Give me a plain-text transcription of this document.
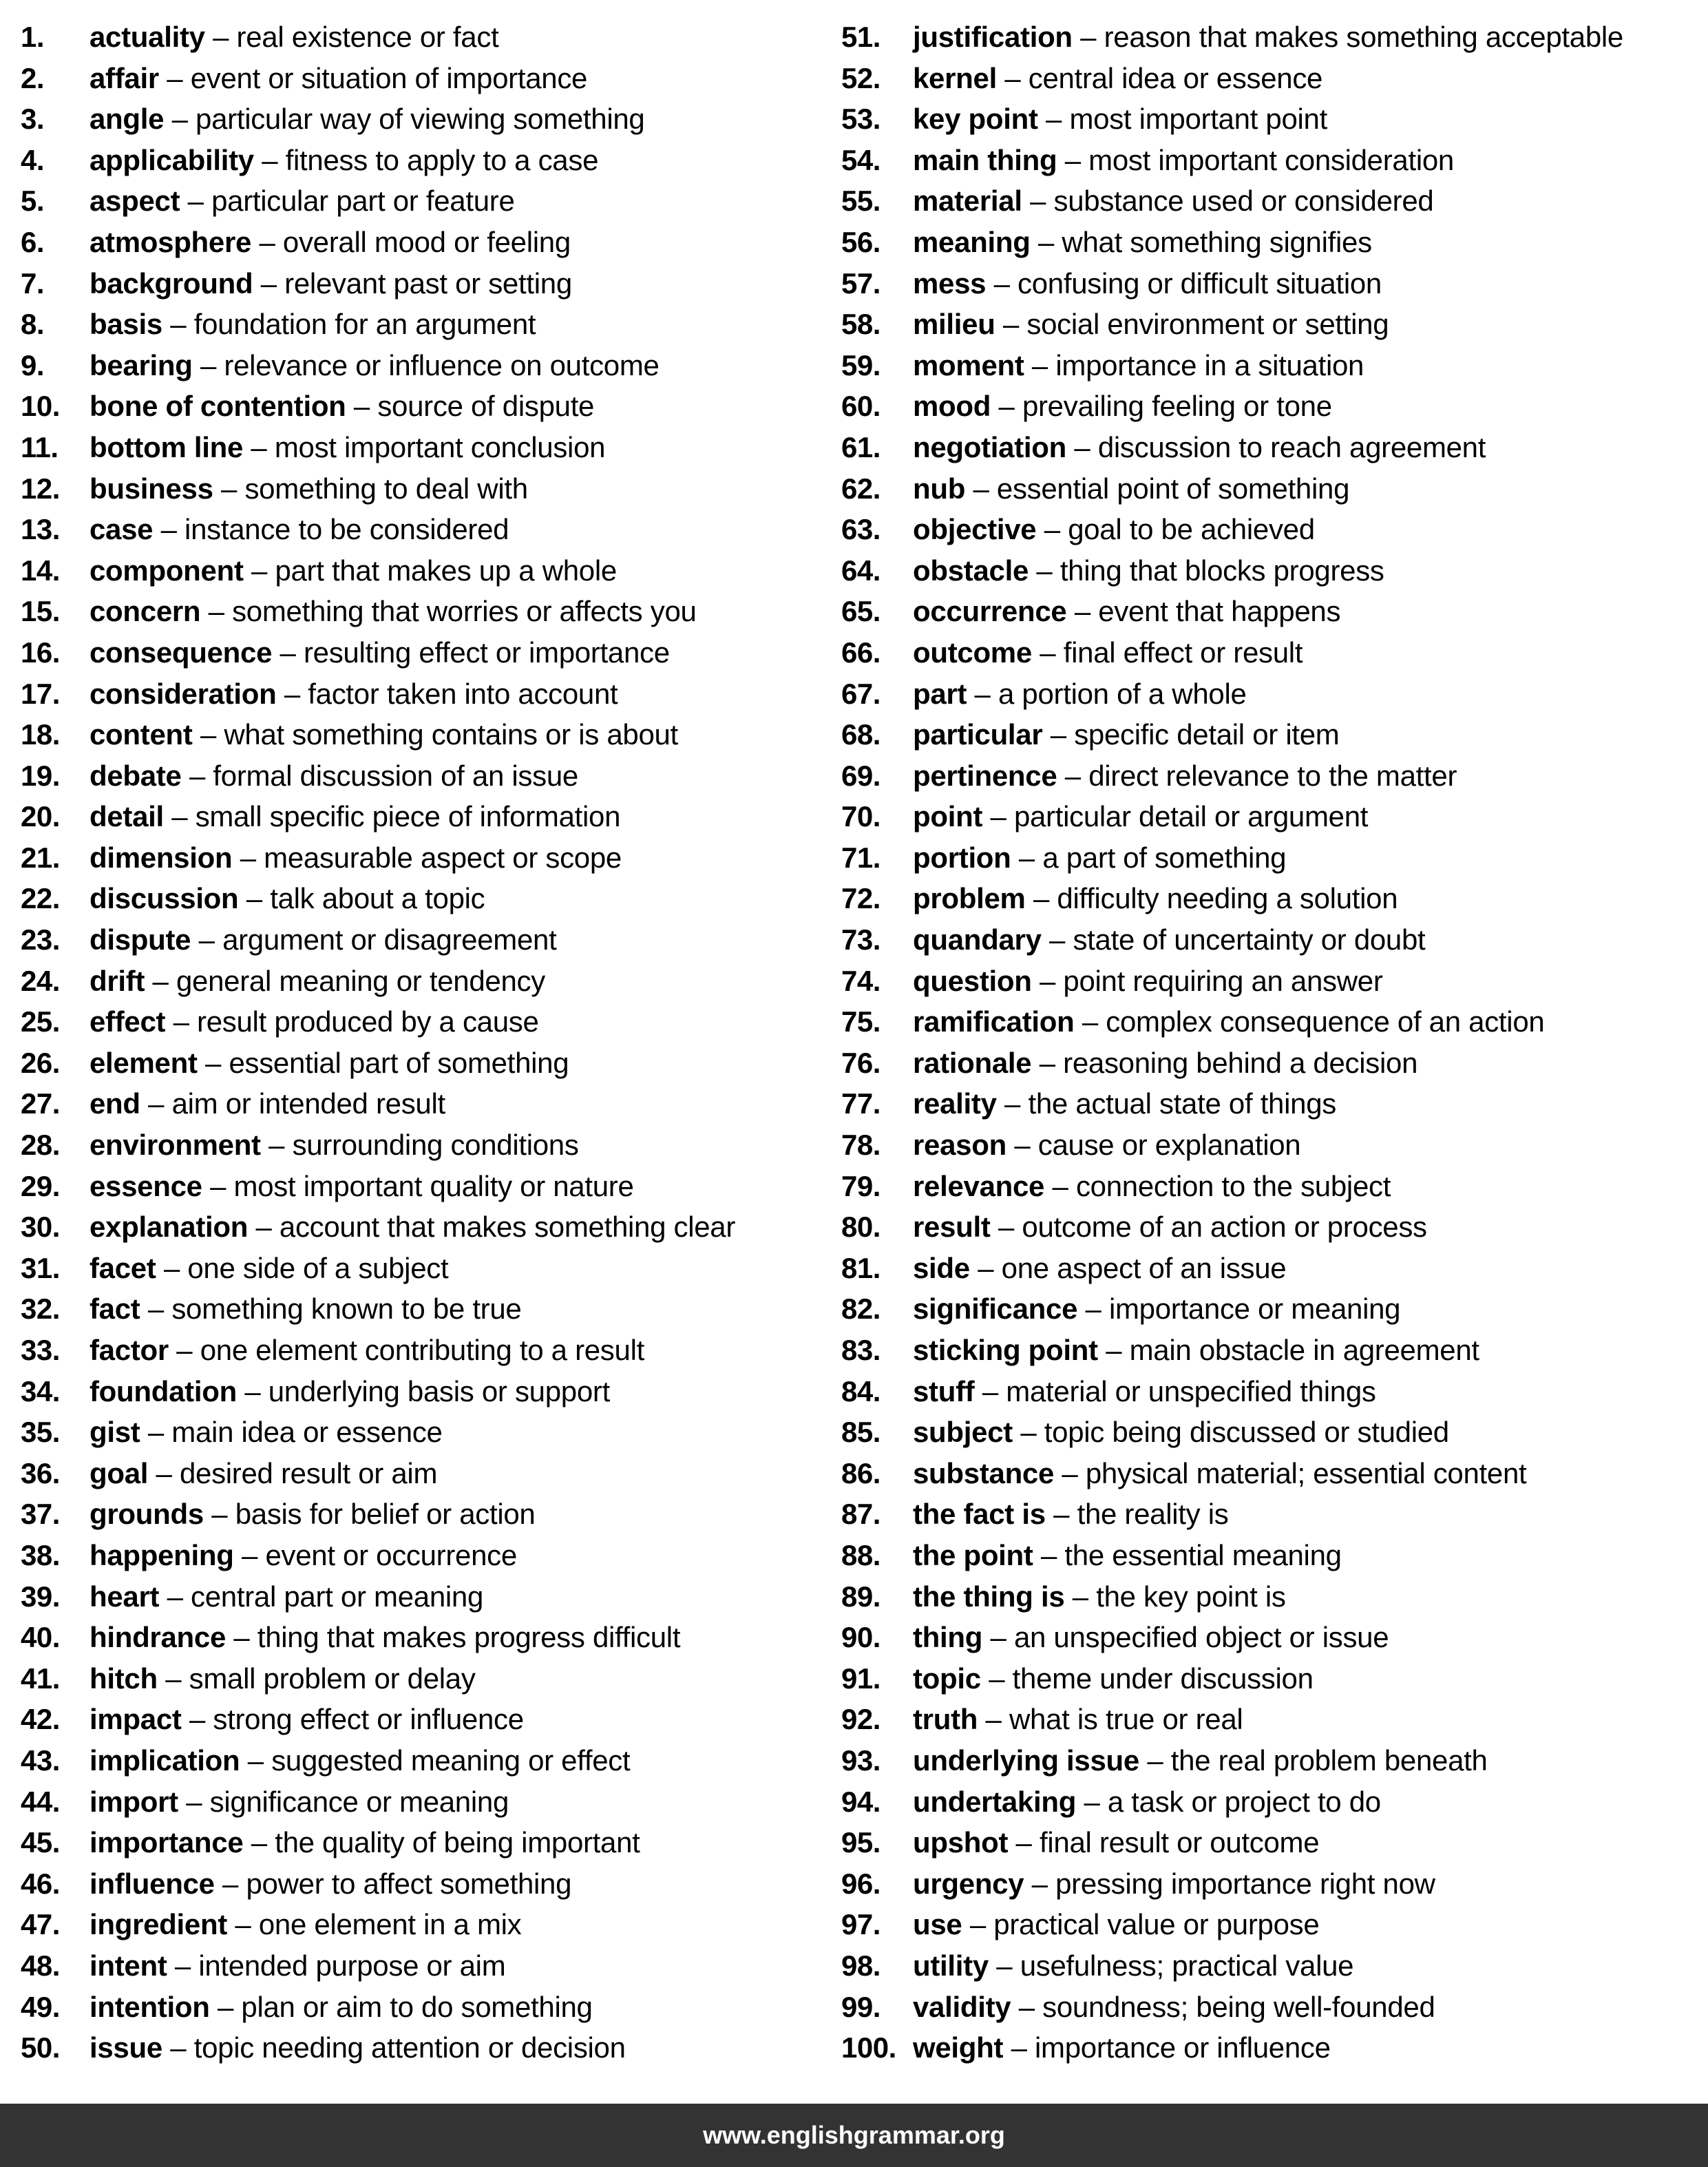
1.	actuality – real existence or fact
2.	affair – event or situation of importance
3.	angle – particular way of viewing something
4.	applicability – fitness to apply to a case
5.	aspect – particular part or feature
6.	atmosphere – overall mood or feeling
7.	background – relevant past or setting
8.	basis – foundation for an argument
9.	bearing – relevance or influence on outcome
10.	bone of contention – source of dispute
11.	bottom line – most important conclusion
12.	business – something to deal with
13.	case – instance to be considered
14.	component – part that makes up a whole
15.	concern – something that worries or affects you
16.	consequence – resulting effect or importance
17.	consideration – factor taken into account
18.	content – what something contains or is about
19.	debate – formal discussion of an issue
20.	detail – small specific piece of information
21.	dimension – measurable aspect or scope
22.	discussion – talk about a topic
23.	dispute – argument or disagreement
24.	drift – general meaning or tendency
25.	effect – result produced by a cause
26.	element – essential part of something
27.	end – aim or intended result
28.	environment – surrounding conditions
29.	essence – most important quality or nature
30.	explanation – account that makes something clear
31.	facet – one side of a subject
32.	fact – something known to be true
33.	factor – one element contributing to a result
34.	foundation – underlying basis or support
35.	gist – main idea or essence
36.	goal – desired result or aim
37.	grounds – basis for belief or action
38.	happening – event or occurrence
39.	heart – central part or meaning
40.	hindrance – thing that makes progress difficult
41.	hitch – small problem or delay
42.	impact – strong effect or influence
43.	implication – suggested meaning or effect
44.	import – significance or meaning
45.	importance – the quality of being important
46.	influence – power to affect something
47.	ingredient – one element in a mix
48.	intent – intended purpose or aim
49.	intention – plan or aim to do something
50.	issue – topic needing attention or decision
51.	justification – reason that makes something acceptable
52.	kernel – central idea or essence
53.	key point – most important point
54.	main thing – most important consideration
55.	material – substance used or considered
56.	meaning – what something signifies
57.	mess – confusing or difficult situation
58.	milieu – social environment or setting
59.	moment – importance in a situation
60.	mood – prevailing feeling or tone
61.	negotiation – discussion to reach agreement
62.	nub – essential point of something
63.	objective – goal to be achieved
64.	obstacle – thing that blocks progress
65.	occurrence – event that happens
66.	outcome – final effect or result
67.	part – a portion of a whole
68.	particular – specific detail or item
69.	pertinence – direct relevance to the matter
70.	point – particular detail or argument
71.	portion – a part of something
72.	problem – difficulty needing a solution
73.	quandary – state of uncertainty or doubt
74.	question – point requiring an answer
75.	ramification – complex consequence of an action
76.	rationale – reasoning behind a decision
77.	reality – the actual state of things
78.	reason – cause or explanation
79.	relevance – connection to the subject
80.	result – outcome of an action or process
81.	side – one aspect of an issue
82.	significance – importance or meaning
83.	sticking point – main obstacle in agreement
84.	stuff – material or unspecified things
85.	subject – topic being discussed or studied
86.	substance – physical material; essential content
87.	the fact is – the reality is
88.	the point – the essential meaning
89.	the thing is – the key point is
90.	thing – an unspecified object or issue
91.	topic – theme under discussion
92.	truth – what is true or real
93.	underlying issue – the real problem beneath
94.	undertaking – a task or project to do
95.	upshot – final result or outcome
96.	urgency – pressing importance right now
97.	use – practical value or purpose
98.	utility – usefulness; practical value
99.	validity – soundness; being well-founded
100. weight – importance or influence
www.englishgrammar.org
